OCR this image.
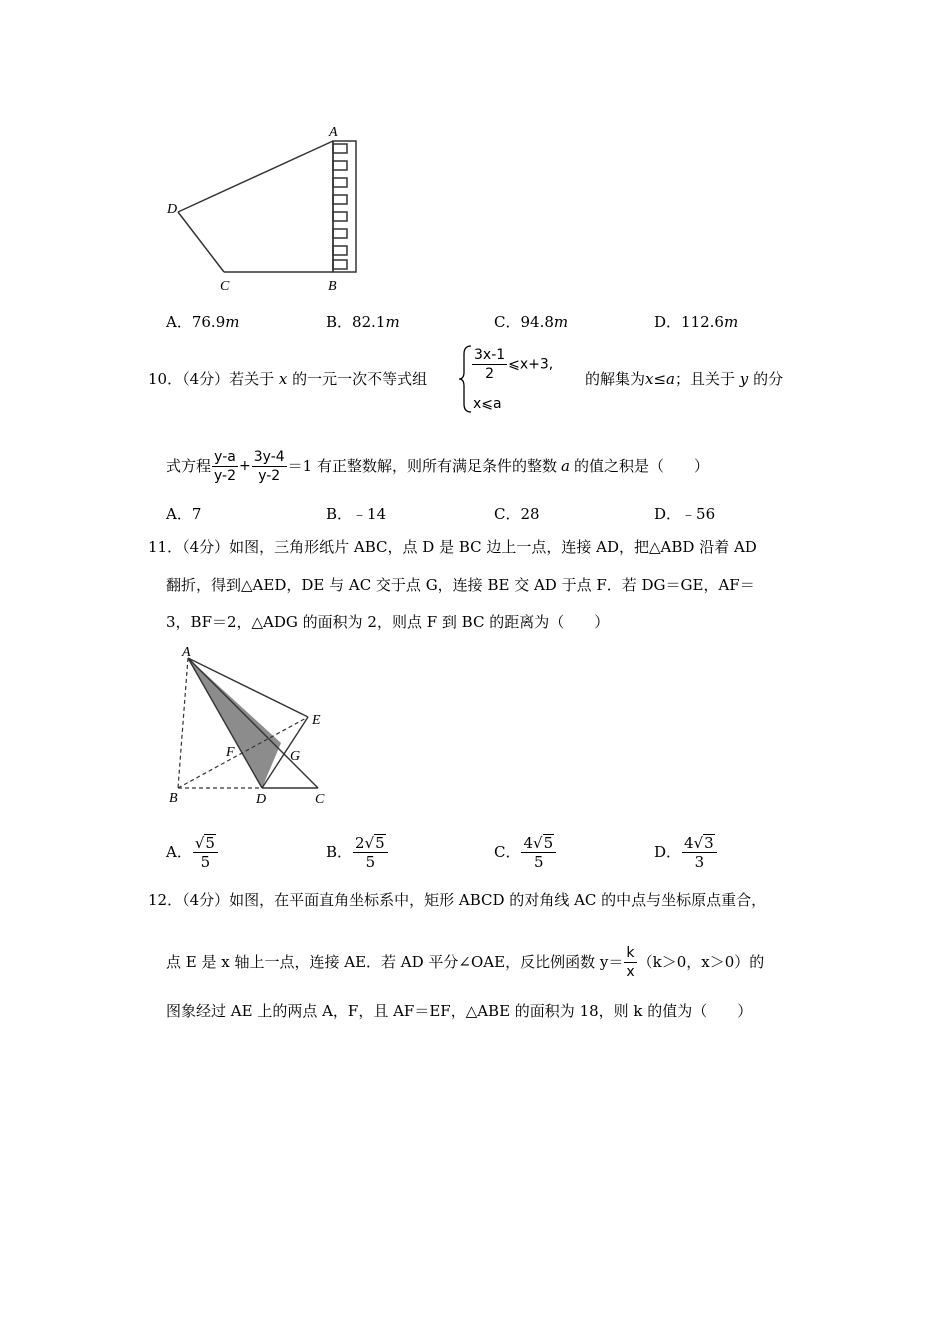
A
B
C
D
A．76.9m	B．82.1m	C．94.8m	D．112.6m
10．（4分）若关于 x 的一元一次不等式组	$\frac{3x-1}{2}$ ⩽x+3,
x⩽a
的解集为x≤a；且关于 y 的分
式方程 $\frac{y-a}{y-2} + \frac{3y-4}{y-2} =1$ 有正整数解，则所有满足条件的整数 a 的值之积是（　　）
A．7	B．﹣14	C．28	D．﹣56
11．（4分）如图，三角形纸片 ABC，点 D 是 BC 边上一点，连接 AD，把△ABD 沿着 AD
翻折，得到△AED，DE 与 AC 交于点 G，连接 BE 交 AD 于点 F．若 DG＝GE，AF＝
3，BF＝2，△ADG 的面积为 2，则点 F 到 BC 的距离为（　　）
A
E
F	G
B	D	C
A． $\frac{√5}{5}$	B． $\frac{2√5}{5}$	C． $\frac{4√5}{5}$	D． $\frac{4√3}{3}$
12．（4分）如图，在平面直角坐标系中，矩形 ABCD 的对角线 AC 的中点与坐标原点重合，
点 E 是 x 轴上一点，连接 AE．若 AD 平分∠OAE，反比例函数 $y= \frac{k}{x} (k>0$，x＞0）的
图象经过 AE 上的两点 A，F，且 AF＝EF，△ABE 的面积为 18，则 k 的值为（　　）
